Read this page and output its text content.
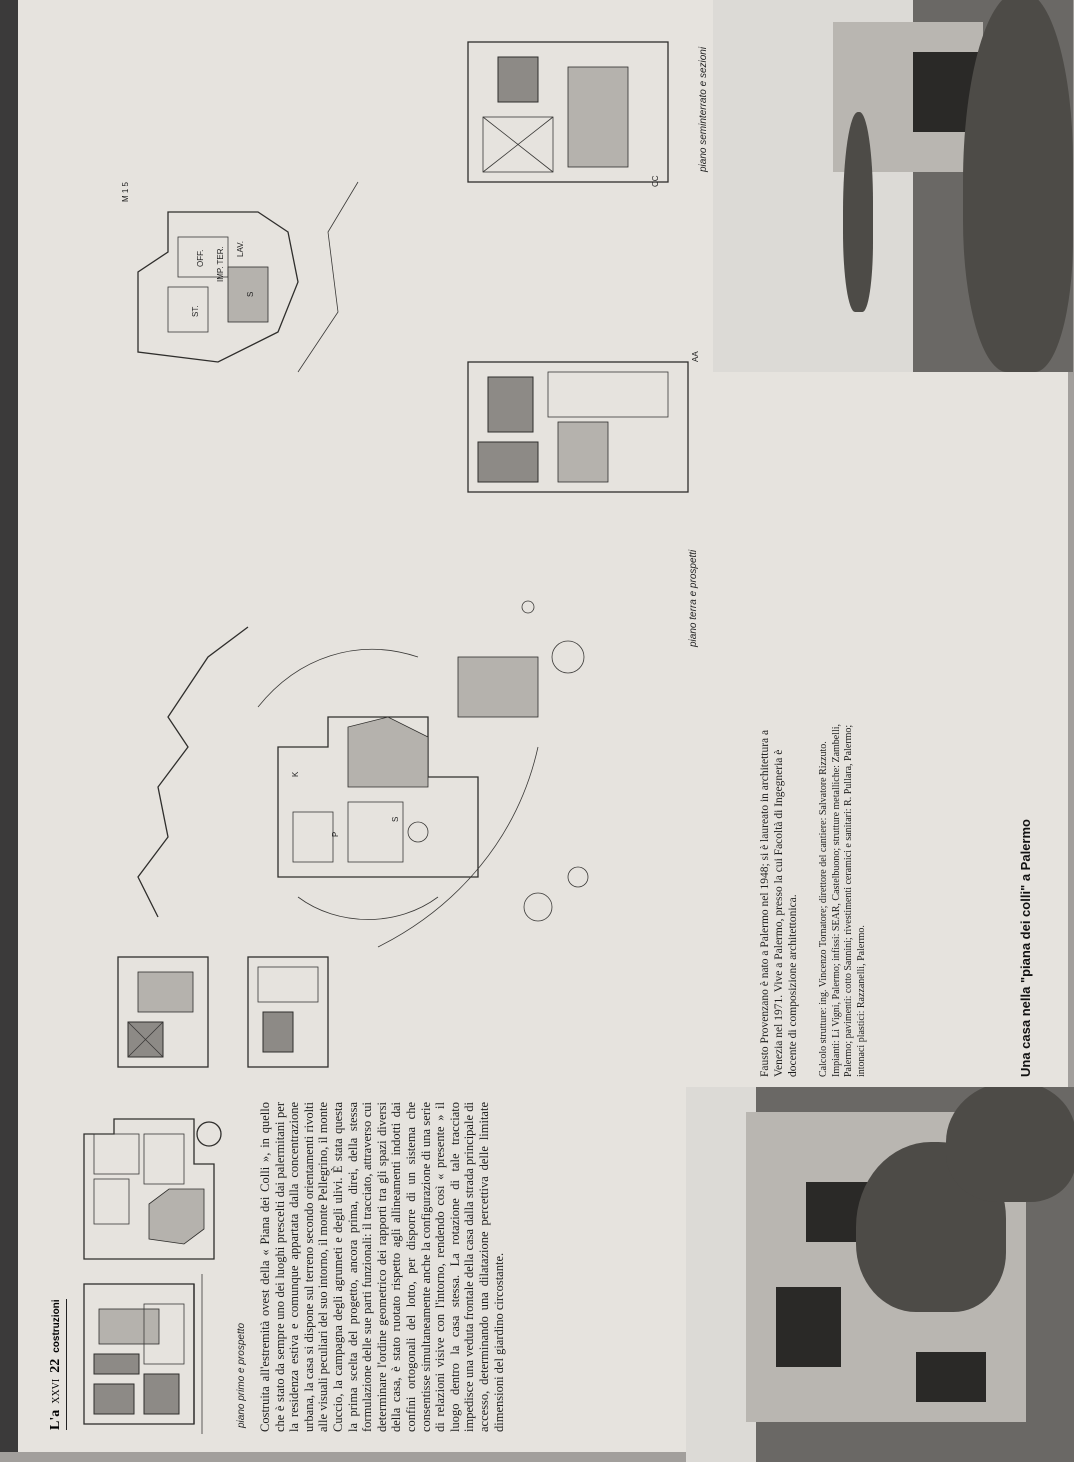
L'a
XXVI
22
costruzioni	piano primo e prospetto Costruita all'estremità ovest della « Piana dei Colli », in quello che è stato da sempre uno dei luoghi prescelti dai palermitani per la residenza estiva e comunque appartata dalla concentrazione urbana, la casa si dispone sul terreno secondo orientamenti rivolti alle visuali peculiari del suo intorno, il monte Pellegrino, il monte Cuccio, la campagna degli agrumeti e degli ulivi. È stata questa la prima scelta del progetto, ancora prima, direi, della stessa formulazione delle sue parti funzionali: il tracciato, attraverso cui determinare l'ordine geometrico dei rapporti tra gli spazi diversi della casa, è stato ruotato rispetto agli allineamenti indotti dai confini ortogonali del lotto, per disporre di un sistema che consentisse simultaneamente anche la configurazione di una serie di relazioni visive con l'intorno, rendendo così « presente » il luogo dentro la casa stessa. La rotazione di tale tracciato impedisce una veduta frontale della casa dalla strada principale di accesso, determinando una dilatazione percettiva delle limitate dimensioni del giardino circostante.
Una casa nella "piana dei colli" a Palermo
Fausto Provenzano è nato a Palermo nel 1948; si è laureato in architettura a Venezia nel 1971. Vive a Palermo, presso la cui Facoltà di Ingegneria è docente di composizione architettonica. Calcolo strutture: ing. Vincenzo Tornatore; direttore del cantiere: Salvatore Rizzuto. Impianti: Li Vigni, Palermo; infissi: SEAR, Castelbuono; strutture metalliche: Zambelli, Palermo; pavimenti: cotto Sannini; rivestimenti ceramici e sanitari: R. Pullara, Palermo; intonaci plastici: Razzanelli, Palermo.
P
K
S
piano terra e prospetti
AA
CC
IMP. TER.
ST.
OFF.
LAV.
S
M 1 5
piano seminterrato e sezioni
